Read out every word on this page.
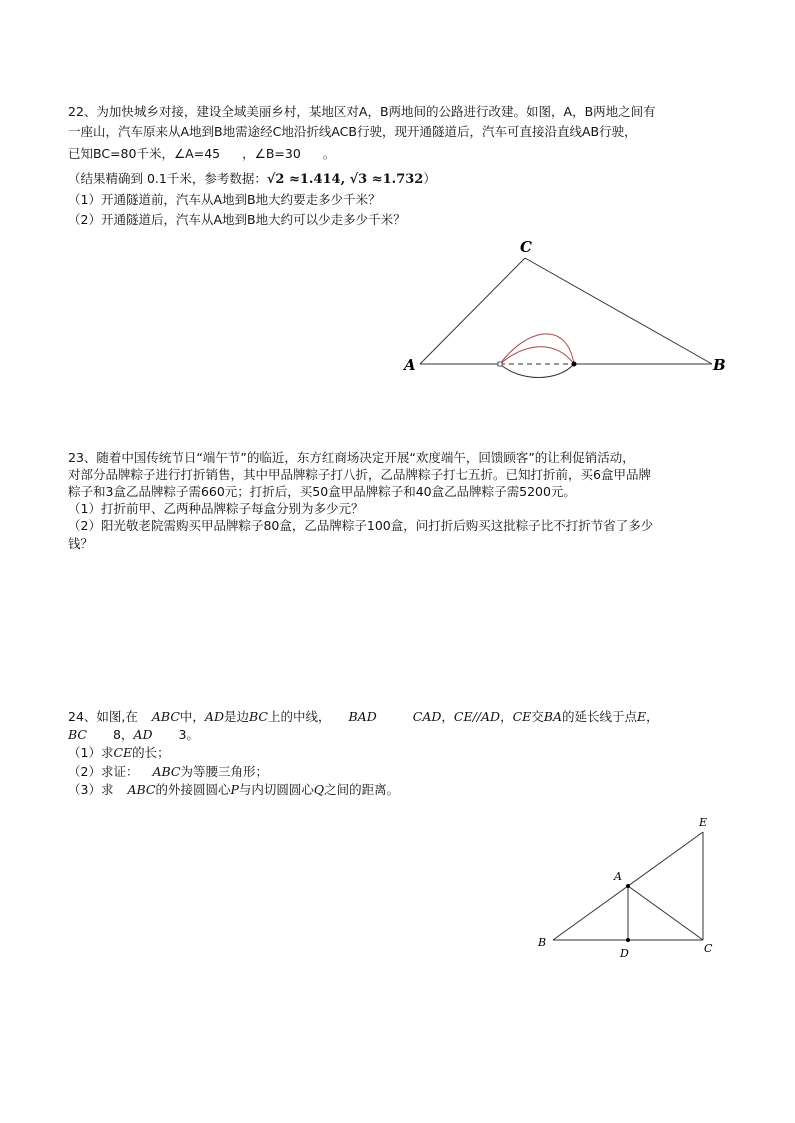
22、为加快城乡对接，建设全域美丽乡村，某地区对A，B两地间的公路进行改建。如图，A，B两地之间有
一座山，汽车原来从A地到B地需途经C地沿折线ACB行驶，现开通隧道后，汽车可直接沿直线AB行驶，
已知BC=80千米，∠A=45 ，∠B=30 。
（结果精确到 0.1千米，参考数据：√2 ≈1.414, √3 ≈1.732）
（1）开通隧道前，汽车从A地到B地大约要走多少千米？
（2）开通隧道后，汽车从A地到B地大约可以少走多少千米？
C
A	B
E
A
B
D	C
23、随着中国传统节日“端午节”的临近，东方红商场决定开展“欢度端午，回馈顾客”的让利促销活动，
对部分品牌粽子进行打折销售，其中甲品牌粽子打八折，乙品牌粽子打七五折。已知打折前，买6盒甲品牌
粽子和3盒乙品牌粽子需660元；打折后，买50盒甲品牌粽子和40盒乙品牌粽子需5200元。
（1）打折前甲、乙两种品牌粽子每盒分别为多少元？
（2）阳光敬老院需购买甲品牌粽子80盒，乙品牌粽子100盒，问打折后购买这批粽子比不打折节省了多少
钱？
24、如图,在 ABC中，AD是边BC上的中线， BAD	CAD，CE//AD，CE交BA的延长线于点E，
BC 8，AD 3。
（1）求CE的长；
（2）求证： ABC为等腰三角形；
（3）求 ABC的外接圆圆心P与内切圆圆心Q之间的距离。
